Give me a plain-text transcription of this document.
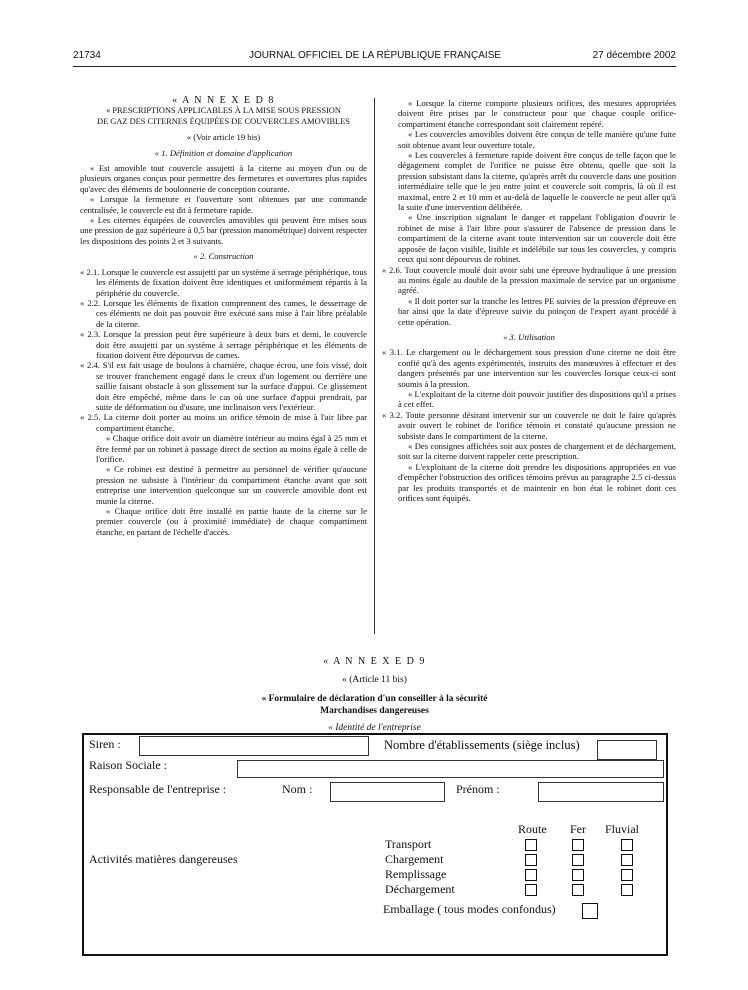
21734	JOURNAL OFFICIEL DE LA RÉPUBLIQUE FRANÇAISE	27 décembre 2002

« A N N E X E D 8

« PRESCRIPTIONS APPLICABLES À LA MISE SOUS PRESSION

DE GAZ DES CITERNES ÉQUIPÉES DE COUVERCLES AMOVIBLES

« (Voir article 19 bis)

« 1. Définition et domaine d'application

« Est amovible tout couvercle assujetti à la citerne au moyen d'un ou de plusieurs organes conçus pour permettre des fermetures et ouvertures plus rapides qu'avec des éléments de boulonnerie de conception courante.

« Lorsque la fermeture et l'ouverture sont obtenues par une commande centralisée, le couvercle est dit à fermeture rapide.

« Les citernes équipées de couvercles amovibles qui peuvent être mises sous une pression de gaz supérieure à 0,5 bar (pression manométrique) doivent respecter les dispositions des points 2 et 3 suivants.

« 2. Construction

« 2.1. Lorsque le couvercle est assujetti par un système à serrage périphérique, tous les éléments de fixation doivent être identiques et uniformément répartis à la périphérie du couvercle.

« 2.2. Lorsque les éléments de fixation comprennent des cames, le desserrage de ces éléments ne doit pas pouvoir être exécuté sans mise à l'air libre préalable de la citerne.

« 2.3. Lorsque la pression peut être supérieure à deux bars et demi, le couvercle doit être assujetti par un système à serrage périphérique et les éléments de fixation doivent être dépourvus de cames.

« 2.4. S'il est fait usage de boulons à charnière, chaque écrou, une fois vissé, doit se trouver franchement engagé dans le creux d'un logement ou derrière une saillie faisant obstacle à son glissement sur la surface d'appui. Ce glissement doit être empêché, même dans le cas où une surface d'appui prendrait, par suite de déformation ou d'usure, une inclinaison vers l'extérieur.

« 2.5. La citerne doit porter au moins un orifice témoin de mise à l'air libre par compartiment étanche.

« Chaque orifice doit avoir un diamètre intérieur au moins égal à 25 mm et être fermé par un robinet à passage direct de section au moins égale à celle de l'orifice.

« Ce robinet est destiné à permettre au personnel de vérifier qu'aucune pression ne subsiste à l'intérieur du compartiment étanche avant que soit entreprise une intervention quelconque sur un couvercle amovible dont est munie la citerne.

« Chaque orifice doit être installé en partie haute de la citerne sur le premier couvercle (ou à proximité immédiate) de chaque compartiment étanche, en partant de l'échelle d'accès.

« Lorsque la citerne comporte plusieurs orifices, des mesures appropriées doivent être prises par le constructeur pour que chaque couple orifice-compartiment étanche correspondant soit clairement repéré.

« Les couvercles amovibles doivent être conçus de telle manière qu'une fuite soit obtenue avant leur ouverture totale.

« Les couvercles à fermeture rapide doivent être conçus de telle façon que le dégagement complet de l'orifice ne puisse être obtenu, quelle que soit la pression subsistant dans la citerne, qu'après arrêt du couvercle dans une position intermédiaire telle que le jeu entre joint et couvercle soit compris, là où il est maximal, entre 2 et 10 mm et au-delà de laquelle le couvercle ne peut aller qu'à la suite d'une intervention délibérée.

« Une inscription signalant le danger et rappelant l'obligation d'ouvrir le robinet de mise à l'air libre pour s'assurer de l'absence de pression dans le compartiment de la citerne avant toute intervention sur un couvercle doit être apposée de façon visible, lisible et indélébile sur tous les couvercles, y compris ceux qui sont dépourvus de robinet.

« 2.6. Tout couvercle moulé doit avoir subi une épreuve hydraulique à une pression au moins égale au double de la pression maximale de service par un organisme agréé.

« Il doit porter sur la tranche les lettres PE suivies de la pression d'épreuve en bar ainsi que la date d'épreuve suivie du poinçon de l'expert ayant procédé à cette opération.

« 3. Utilisation

« 3.1. Le chargement ou le déchargement sous pression d'une citerne ne doit être confié qu'à des agents expérimentés, instruits des manœuvres à effectuer et des dangers présentés par une intervention sur les couvercles lorsque ceux-ci sont soumis à la pression.

« L'exploitant de la citerne doit pouvoir justifier des dispositions qu'il a prises à cet effet.

« 3.2. Toute personne désirant intervenir sur un couvercle ne doit le faire qu'après avoir ouvert le robinet de l'orifice témoin et constaté qu'aucune pression ne subsiste dans le compartiment de la citerne.

« Des consignes affichées soit aux postes de chargement et de déchargement, soit sur la citerne doivent rappeler cette prescription.

« L'exploitant de la citerne doit prendre les dispositions appropriées en vue d'empêcher l'obstruction des orifices témoins prévus au paragraphe 2.5 ci-dessus par les produits transportés et de maintenir en bon état le robinet dont ces orifices sont équipés.

« A N N E X E D 9
« (Article 11 bis)
« Formulaire de déclaration d'un conseiller à la sécurité
Marchandises dangereuses
« Identité de l'entreprise
Siren :	Nombre d'établissements (siège inclus)
Raison Sociale :
Responsable de l'entreprise :	Nom :	Prénom :
Route Fer Fluvial
Activités matières dangereuses
Transport
Chargement
Remplissage
Déchargement
Emballage ( tous modes confondus)
